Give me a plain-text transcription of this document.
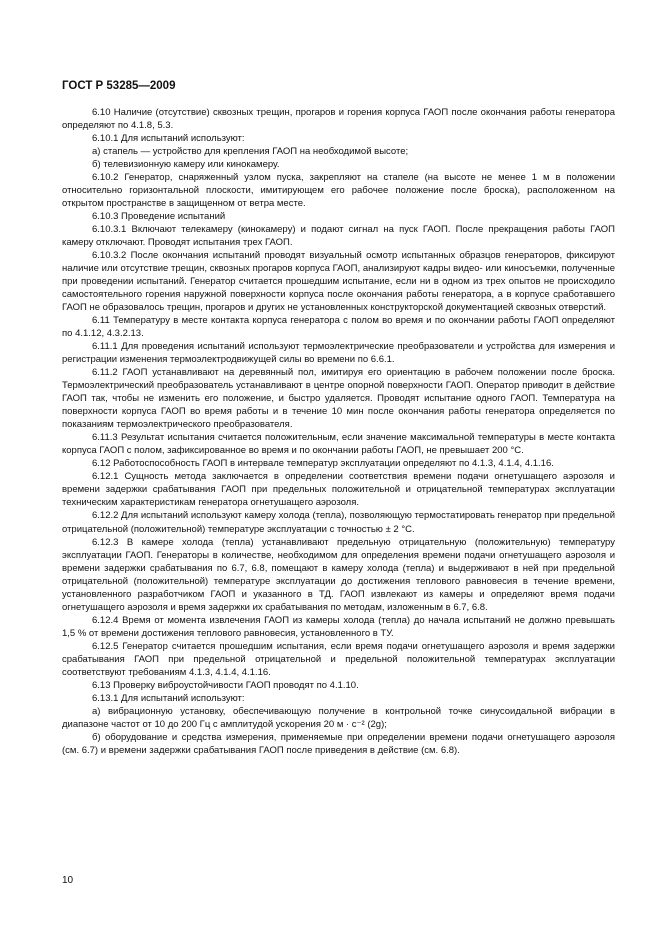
ГОСТ Р 53285—2009

6.10 Наличие (отсутствие) сквозных трещин, прогаров и горения корпуса ГАОП после окончания работы генератора определяют по 4.1.8, 5.3.

6.10.1 Для испытаний используют:

а) стапель — устройство для крепления ГАОП на необходимой высоте;

б) телевизионную камеру или кинокамеру.

6.10.2 Генератор, снаряженный узлом пуска, закрепляют на стапеле (на высоте не менее 1 м в положении относительно горизонтальной плоскости, имитирующем его рабочее положение после броска), расположенном на открытом пространстве в защищенном от ветра месте.

6.10.3 Проведение испытаний

6.10.3.1 Включают телекамеру (кинокамеру) и подают сигнал на пуск ГАОП. После прекращения работы ГАОП камеру отключают. Проводят испытания трех ГАОП.

6.10.3.2 После окончания испытаний проводят визуальный осмотр испытанных образцов генераторов, фиксируют наличие или отсутствие трещин, сквозных прогаров корпуса ГАОП, анализируют кадры видео- или киносъемки, полученные при проведении испытаний. Генератор считается прошедшим испытание, если ни в одном из трех опытов не происходило самостоятельного горения наружной поверхности корпуса после окончания работы генератора, а в корпусе сработавшего ГАОП не образовалось трещин, прогаров и других не установленных конструкторской документацией сквозных отверстий.

6.11 Температуру в месте контакта корпуса генератора с полом во время и по окончании работы ГАОП определяют по 4.1.12, 4.3.2.13.

6.11.1 Для проведения испытаний используют термоэлектрические преобразователи и устройства для измерения и регистрации изменения термоэлектродвижущей силы во времени по 6.6.1.

6.11.2 ГАОП устанавливают на деревянный пол, имитируя его ориентацию в рабочем положении после броска. Термоэлектрический преобразователь устанавливают в центре опорной поверхности ГАОП. Оператор приводит в действие ГАОП так, чтобы не изменить его положение, и быстро удаляется. Проводят испытание одного ГАОП. Температура на поверхности корпуса ГАОП во время работы и в течение 10 мин после окончания работы генератора определяется по показаниям термоэлектрического преобразователя.

6.11.3 Результат испытания считается положительным, если значение максимальной температуры в месте контакта корпуса ГАОП с полом, зафиксированное во время и по окончании работы ГАОП, не превышает 200 °C.

6.12 Работоспособность ГАОП в интервале температур эксплуатации определяют по 4.1.3, 4.1.4, 4.1.16.

6.12.1 Сущность метода заключается в определении соответствия времени подачи огнетушащего аэрозоля и времени задержки срабатывания ГАОП при предельных положительной и отрицательной температурах эксплуатации техническим характеристикам генератора огнетушащего аэрозоля.

6.12.2 Для испытаний используют камеру холода (тепла), позволяющую термостатировать генератор при предельной отрицательной (положительной) температуре эксплуатации с точностью ± 2 °C.

6.12.3 В камере холода (тепла) устанавливают предельную отрицательную (положительную) температуру эксплуатации ГАОП. Генераторы в количестве, необходимом для определения времени подачи огнетушащего аэрозоля и времени задержки срабатывания по 6.7, 6.8, помещают в камеру холода (тепла) и выдерживают в ней при предельной отрицательной (положительной) температуре эксплуатации до достижения теплового равновесия в течение времени, установленного разработчиком ГАОП и указанного в ТД. ГАОП извлекают из камеры и определяют время подачи огнетушащего аэрозоля и время задержки их срабатывания по методам, изложенным в 6.7, 6.8.

6.12.4 Время от момента извлечения ГАОП из камеры холода (тепла) до начала испытаний не должно превышать 1,5 % от времени достижения теплового равновесия, установленного в ТУ.

6.12.5 Генератор считается прошедшим испытания, если время подачи огнетушащего аэрозоля и время задержки срабатывания ГАОП при предельной отрицательной и предельной положительной температурах эксплуатации соответствуют требованиям 4.1.3, 4.1.4, 4.1.16.

6.13 Проверку виброустойчивости ГАОП проводят по 4.1.10.

6.13.1 Для испытаний используют:

а) вибрационную установку, обеспечивающую получение в контрольной точке синусоидальной вибрации в диапазоне частот от 10 до 200 Гц с амплитудой ускорения 20 м · с⁻² (2g);

б) оборудование и средства измерения, применяемые при определении времени подачи огнетушащего аэрозоля (см. 6.7) и времени задержки срабатывания ГАОП после приведения в действие (см. 6.8).

10
